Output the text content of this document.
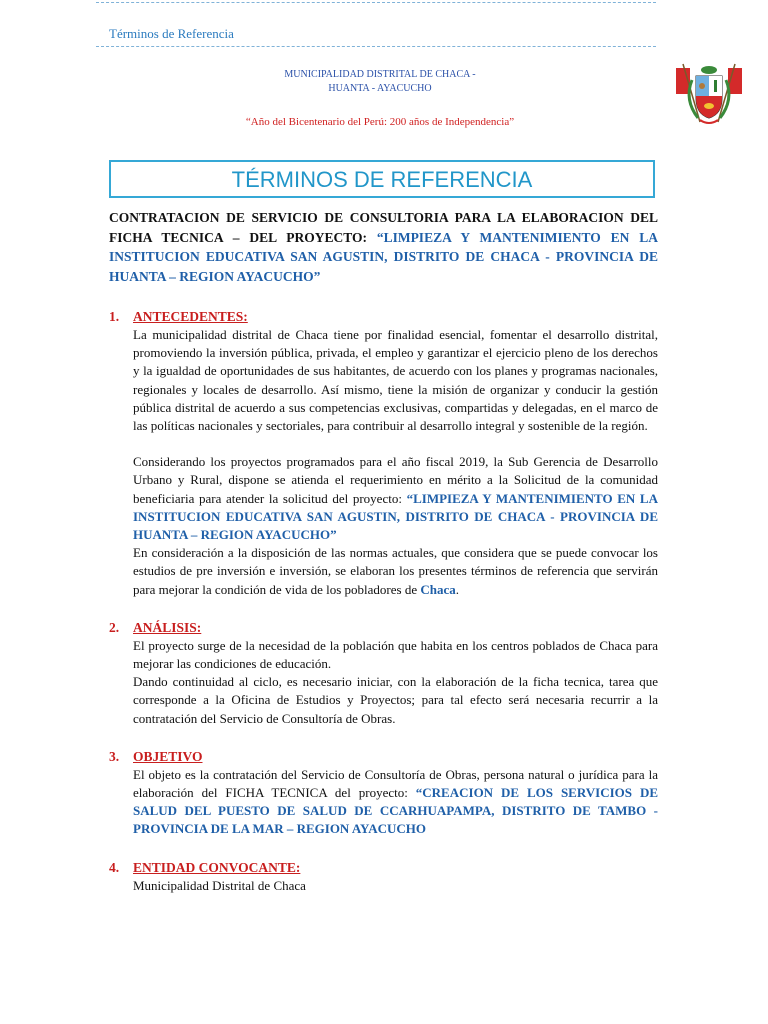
Términos de Referencia
MUNICIPALIDAD DISTRITAL DE CHACA -
HUANTA - AYACUCHO
“Año del Bicentenario del Perú: 200 años de Independencia”
TÉRMINOS DE REFERENCIA

CONTRATACION DE SERVICIO DE CONSULTORIA PARA LA ELABORACION DEL FICHA TECNICA – DEL PROYECTO: “LIMPIEZA Y MANTENIMIENTO EN LA INSTITUCION EDUCATIVA SAN AGUSTIN, DISTRITO DE CHACA - PROVINCIA DE HUANTA – REGION AYACUCHO”

1.	ANTECEDENTES:

La municipalidad distrital de Chaca tiene por finalidad esencial, fomentar el desarrollo distrital, promoviendo la inversión pública, privada, el empleo y garantizar el ejercicio pleno de los derechos y la igualdad de oportunidades de sus habitantes, de acuerdo con los planes y programas nacionales, regionales y locales de desarrollo. Así mismo, tiene la misión de organizar y conducir la gestión pública distrital de acuerdo a sus competencias exclusivas, compartidas y delegadas, en el marco de las políticas nacionales y sectoriales, para contribuir al desarrollo integral y sostenible de la región.

Considerando los proyectos programados para el año fiscal 2019, la Sub Gerencia de Desarrollo Urbano y Rural, dispone se atienda el requerimiento en mérito a la Solicitud de la comunidad beneficiaria para atender la solicitud del proyecto: “LIMPIEZA Y MANTENIMIENTO EN LA INSTITUCION EDUCATIVA SAN AGUSTIN, DISTRITO DE CHACA - PROVINCIA DE HUANTA – REGION AYACUCHO”

En consideración a la disposición de las normas actuales, que considera que se puede convocar los estudios de pre inversión e inversión, se elaboran los presentes términos de referencia que servirán para mejorar la condición de vida de los pobladores de Chaca.

2.	ANÁLISIS:

El proyecto surge de la necesidad de la población que habita en los centros poblados de Chaca para mejorar las condiciones de educación.

Dando continuidad al ciclo, es necesario iniciar, con la elaboración de la ficha tecnica, tarea que corresponde a la Oficina de Estudios y Proyectos; para tal efecto será necesaria recurrir a la contratación del Servicio de Consultoría de Obras.

3.	OBJETIVO

El objeto es la contratación del Servicio de Consultoría de Obras, persona natural o jurídica para la elaboración del FICHA TECNICA del proyecto: “CREACION DE LOS SERVICIOS DE SALUD DEL PUESTO DE SALUD DE CCARHUAPAMPA, DISTRITO DE TAMBO - PROVINCIA DE LA MAR – REGION AYACUCHO

4.	ENTIDAD CONVOCANTE:

Municipalidad Distrital de Chaca
